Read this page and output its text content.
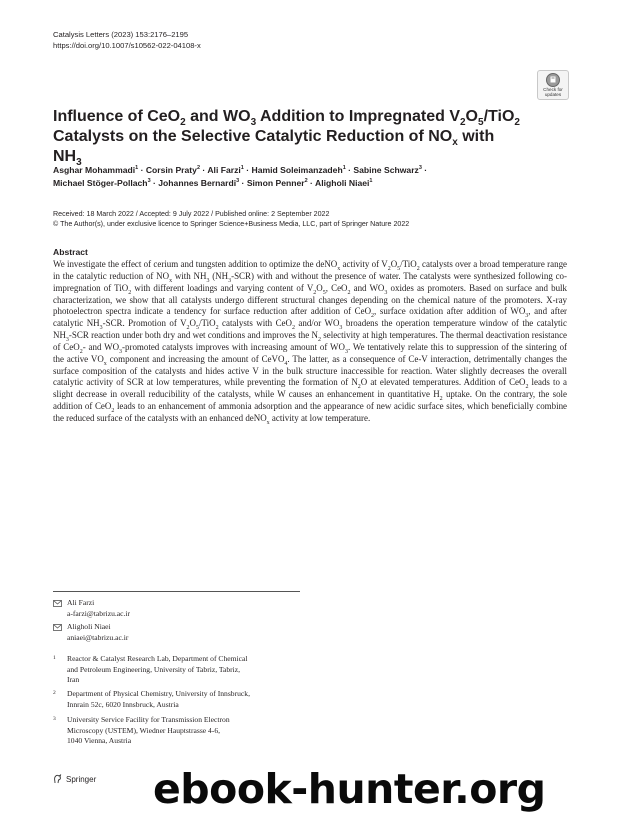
Catalysis Letters (2023) 153:2176–2195
https://doi.org/10.1007/s10562-022-04108-x
Check for
updates
Influence of CeO$_2$ and $WO_3$ Addition to Impregnated $V_2O_5/TiO_2$
Catalysts on the Selective Catalytic Reduction of $NO_x$ with $NH_3$
Asghar Mohammadi$^1$ · Corsin Praty$^2$ · Ali Farzi$^1$ · Hamid Soleimanzadeh$^1$ · Sabine Schwarz$^3$ ·
Michael Stöger‑Pollach$^3$ · Johannes Bernardi$^3$ · Simon Penner$^2$ · Aligholi Niaei$^1$
Received: 18 March 2022 / Accepted: 9 July 2022 / Published online: 2 September 2022
© The Author(s), under exclusive licence to Springer Science+Business Media, LLC, part of Springer Nature 2022
Abstract

We investigate the effect of cerium and tungsten addition to optimize the deNO$_x$ activity of $V_2O_5/TiO_2$ catalysts over a broad temperature range in the catalytic reduction of $NO_x$ with $NH_3$ $(NH_3-SCR)$ with and without the presence of water. The catalysts were synthesized following co-impregnation of TiO$_2$ with different loadings and varying content of $V_2O_5$, CeO$_2$ and $WO_3$ oxides as promoters. Based on surface and bulk characterization, we show that all catalysts undergo different structural changes depending on the chemical nature of the promoters. X-ray photoelectron spectra indicate a tendency for surface reduction after addition of CeO$_2$, surface oxidation after addition of $WO_3$, and after catalytic $NH_3$-SCR. Promotion of $V_2O_5/TiO_2$ catalysts with CeO$_2$ and/or $WO_3$ broadens the operation temperature window of the catalytic $NH_3$-SCR reaction under both dry and wet conditions and improves the $N_2$ selectivity at high temperatures. The thermal deactivation resistance of CeO$_2$- and $WO_3$-promoted catalysts improves with increasing amount of $WO_3$. We tentatively relate this to suppression of the sintering of the active $VO_x$ component and increasing the amount of CeVO$_4$. The latter, as a consequence of Ce-V interaction, detrimentally changes the surface composition of the catalysts and hides active V in the bulk structure inaccessible for reaction. Water slightly decreases the overall catalytic activity of SCR at low temperatures, while preventing the formation of $N_2O$ at elevated temperatures. Addition of CeO$_2$ leads to a slight decrease in overall reducibility of the catalysts, while W causes an enhancement in quantitative $H_2$ uptake. On the contrary, the sole addition of CeO$_2$ leads to an enhancement of ammonia adsorption and the appearance of new acidic surface sites, which beneficially combine the reduced surface of the catalysts with an enhanced deNO$_x$ activity at low temperature.

Ali Farzi
a-farzi@tabrizu.ac.ir
Aligholi Niaei
aniaei@tabrizu.ac.ir
1 Reactor & Catalyst Research Lab, Department of Chemical
and Petroleum Engineering, University of Tabriz, Tabriz,
Iran
2 Department of Physical Chemistry, University of Innsbruck,
Innrain 52c, 6020 Innsbruck, Austria
3 University Service Facility for Transmission Electron
Microscopy (USTEM), Wiedner Hauptstrasse 4-6,
1040 Vienna, Austria
Springer ebook-hunter.org
